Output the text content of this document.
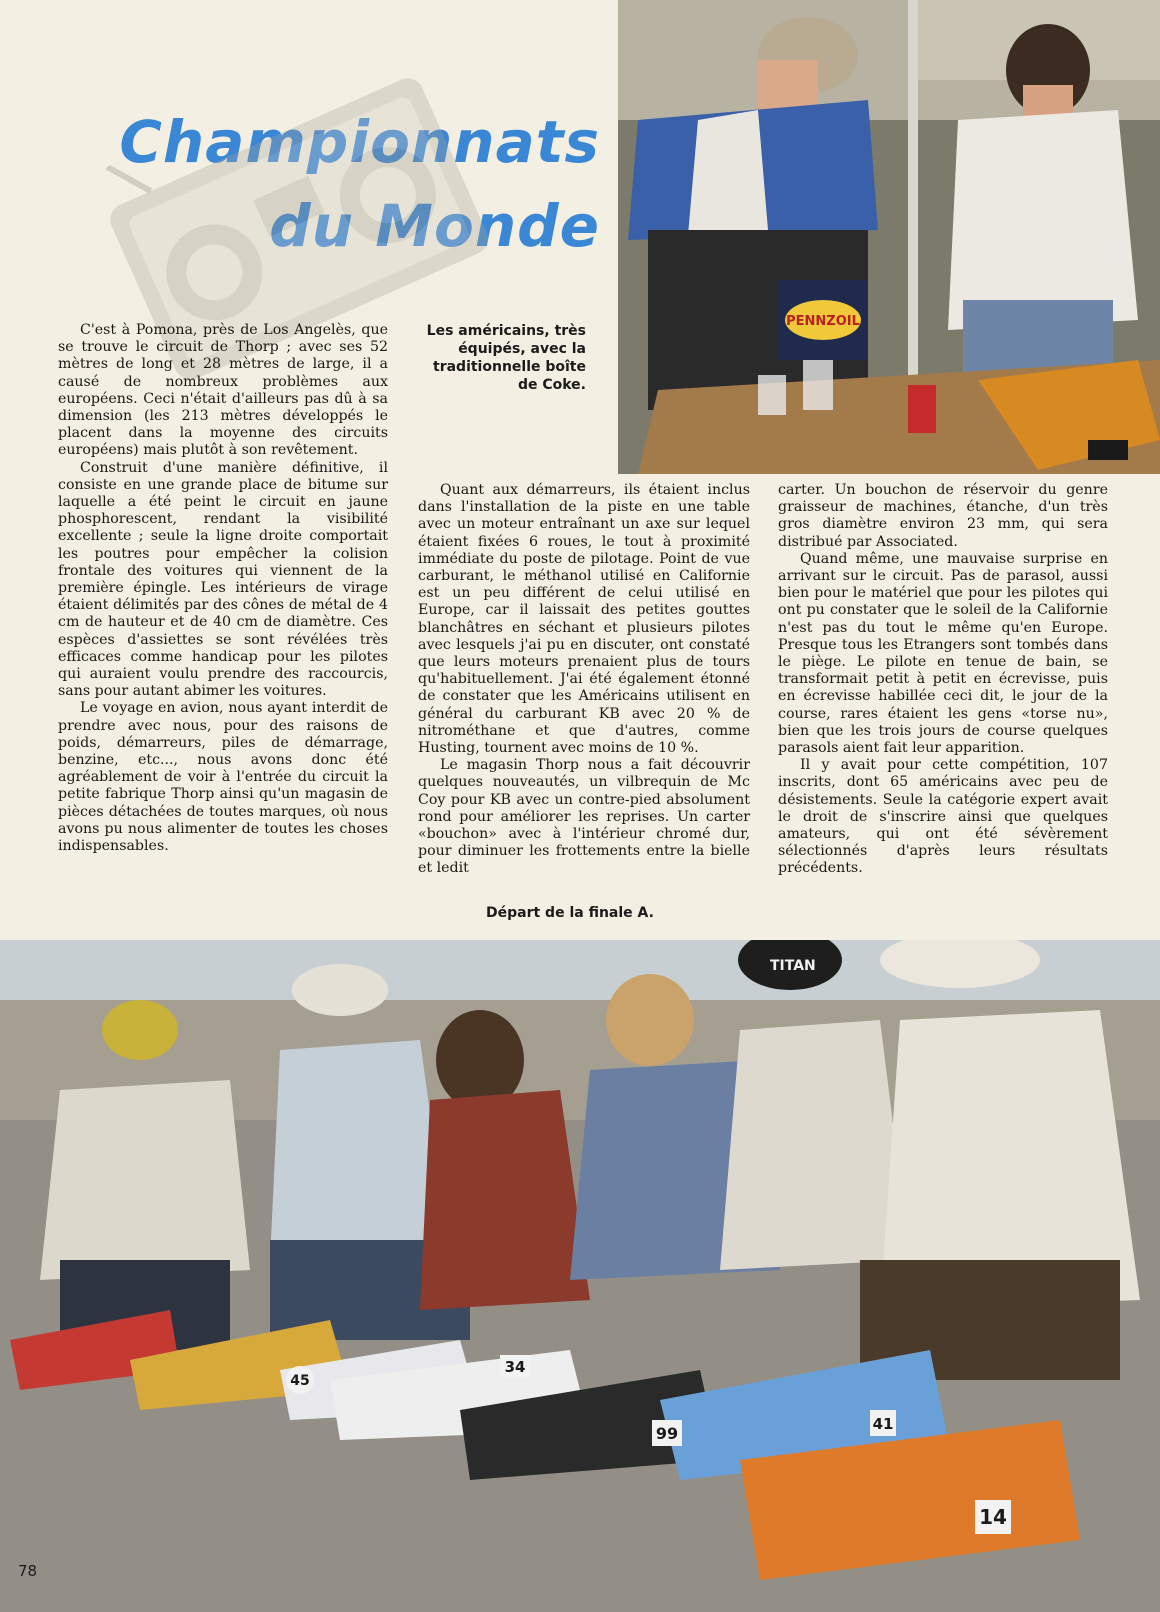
Championnats
du Monde
Les américains, très équipés, avec la traditionnelle boîte de Coke.
PENNZOIL

C'est à Pomona, près de Los Angelès, que se trouve le circuit de Thorp ; avec ses 52 mètres de long et 28 mètres de large, il a causé de nombreux problèmes aux européens. Ceci n'était d'ailleurs pas dû à sa dimension (les 213 mètres développés le placent dans la moyenne des circuits européens) mais plutôt à son revêtement.

Construit d'une manière définitive, il consiste en une grande place de bitume sur laquelle a été peint le circuit en jaune phosphorescent, rendant la visibilité excellente ; seule la ligne droite comportait les poutres pour empêcher la colision frontale des voitures qui viennent de la première épingle. Les intérieurs de virage étaient délimités par des cônes de métal de 4 cm de hauteur et de 40 cm de diamètre. Ces espèces d'assiettes se sont révélées très efficaces comme handicap pour les pilotes qui auraient voulu prendre des raccourcis, sans pour autant abimer les voitures.

Le voyage en avion, nous ayant interdit de prendre avec nous, pour des raisons de poids, démarreurs, piles de démarrage, benzine, etc..., nous avons donc été agréablement de voir à l'entrée du circuit la petite fabrique Thorp ainsi qu'un magasin de pièces détachées de toutes marques, où nous avons pu nous alimenter de toutes les choses indispensables.

Quant aux démarreurs, ils étaient inclus dans l'installation de la piste en une table avec un moteur entraînant un axe sur lequel étaient fixées 6 roues, le tout à proximité immédiate du poste de pilotage. Point de vue carburant, le méthanol utilisé en Californie est un peu différent de celui utilisé en Europe, car il laissait des petites gouttes blanchâtres en séchant et plusieurs pilotes avec lesquels j'ai pu en discuter, ont constaté que leurs moteurs prenaient plus de tours qu'habituellement. J'ai été également étonné de constater que les Américains utilisent en général du carburant KB avec 20 % de nitrométhane et que d'autres, comme Husting, tournent avec moins de 10 %.

Le magasin Thorp nous a fait découvrir quelques nouveautés, un vilbrequin de Mc Coy pour KB avec un contre-pied absolument rond pour améliorer les reprises. Un carter «bouchon» avec à l'intérieur chromé dur, pour diminuer les frottements entre la bielle et ledit

carter. Un bouchon de réservoir du genre graisseur de machines, étanche, d'un très gros diamètre environ 23 mm, qui sera distribué par Associated.

Quand même, une mauvaise surprise en arrivant sur le circuit. Pas de parasol, aussi bien pour le matériel que pour les pilotes qui ont pu constater que le soleil de la Californie n'est pas du tout le même qu'en Europe. Presque tous les Etrangers sont tombés dans le piège. Le pilote en tenue de bain, se transformait petit à petit en écrevisse, puis en écrevisse habillée ceci dit, le jour de la course, rares étaient les gens «torse nu», bien que les trois jours de course quelques parasols aient fait leur apparition.

Il y avait pour cette compétition, 107 inscrits, dont 65 américains avec peu de désistements. Seule la catégorie expert avait le droit de s'inscrire ainsi que quelques amateurs, qui ont été sévèrement sélectionnés d'après leurs résultats précédents.

Départ de la finale A.
TITAN
45
34
99	41
14
78
